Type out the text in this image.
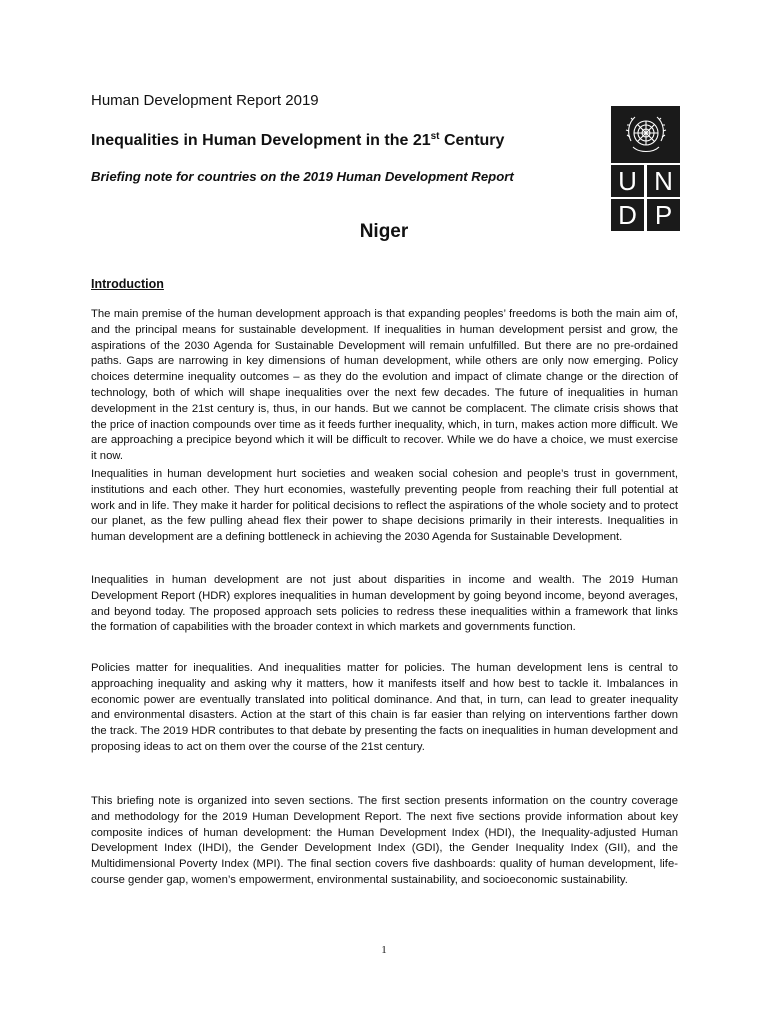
Human Development Report 2019
Inequalities in Human Development in the 21st Century
Briefing note for countries on the 2019 Human Development Report
Niger
U N
D P
Introduction

The main premise of the human development approach is that expanding peoples’ freedoms is both the main aim of, and the principal means for sustainable development. If inequalities in human development persist and grow, the aspirations of the 2030 Agenda for Sustainable Development will remain unfulfilled. But there are no pre-ordained paths. Gaps are narrowing in key dimensions of human development, while others are only now emerging. Policy choices determine inequality outcomes – as they do the evolution and impact of climate change or the direction of technology, both of which will shape inequalities over the next few decades. The future of inequalities in human development in the 21st century is, thus, in our hands. But we cannot be complacent. The climate crisis shows that the price of inaction compounds over time as it feeds further inequality, which, in turn, makes action more difficult. We are approaching a precipice beyond which it will be difficult to recover. While we do have a choice, we must exercise it now.

Inequalities in human development hurt societies and weaken social cohesion and people’s trust in government, institutions and each other. They hurt economies, wastefully preventing people from reaching their full potential at work and in life. They make it harder for political decisions to reflect the aspirations of the whole society and to protect our planet, as the few pulling ahead flex their power to shape decisions primarily in their interests. Inequalities in human development are a defining bottleneck in achieving the 2030 Agenda for Sustainable Development.

Inequalities in human development are not just about disparities in income and wealth. The 2019 Human Development Report (HDR) explores inequalities in human development by going beyond income, beyond averages, and beyond today. The proposed approach sets policies to redress these inequalities within a framework that links the formation of capabilities with the broader context in which markets and governments function.

Policies matter for inequalities. And inequalities matter for policies. The human development lens is central to approaching inequality and asking why it matters, how it manifests itself and how best to tackle it. Imbalances in economic power are eventually translated into political dominance. And that, in turn, can lead to greater inequality and environmental disasters. Action at the start of this chain is far easier than relying on interventions farther down the track. The 2019 HDR contributes to that debate by presenting the facts on inequalities in human development and proposing ideas to act on them over the course of the 21st century.

This briefing note is organized into seven sections. The first section presents information on the country coverage and methodology for the 2019 Human Development Report. The next five sections provide information about key composite indices of human development: the Human Development Index (HDI), the Inequality-adjusted Human Development Index (IHDI), the Gender Development Index (GDI), the Gender Inequality Index (GII), and the Multidimensional Poverty Index (MPI). The final section covers five dashboards: quality of human development, life-course gender gap, women’s empowerment, environmental sustainability, and socioeconomic sustainability.

1
